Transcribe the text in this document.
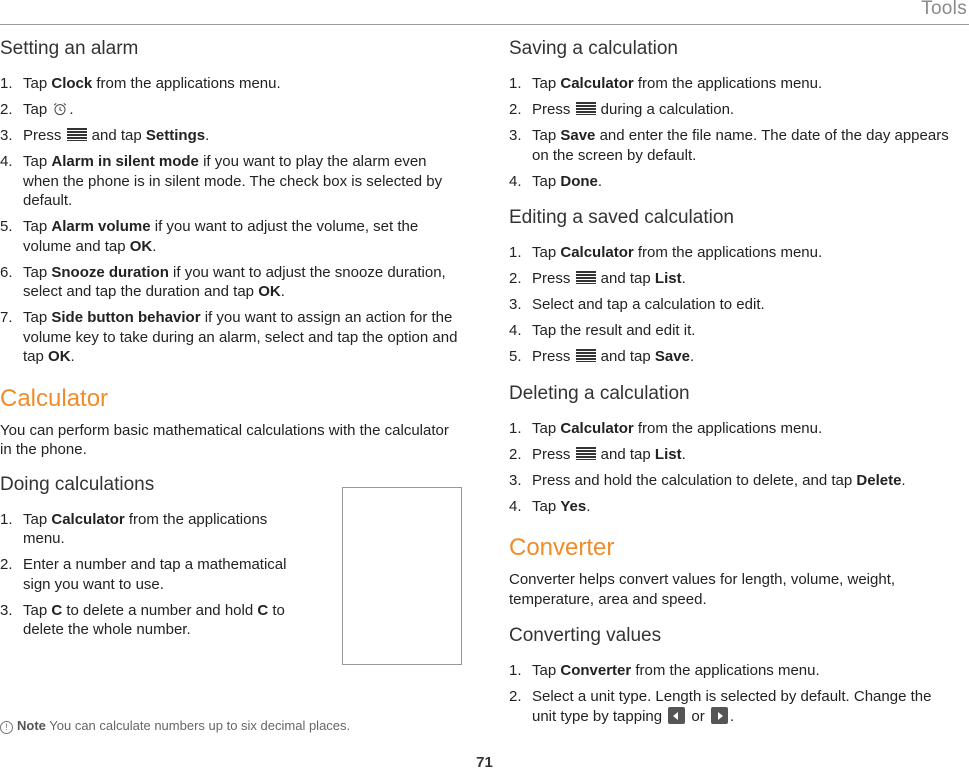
Tools
Setting an alarm
1. Tap Clock from the applications menu.
2. Tap .
3. Press  and tap Settings.
4. Tap Alarm in silent mode if you want to play the alarm even when the phone is in silent mode. The check box is selected by default.
5. Tap Alarm volume if you want to adjust the volume, set the volume and tap OK.
6. Tap Snooze duration if you want to adjust the snooze duration, select and tap the duration and tap OK.
7. Tap Side button behavior if you want to assign an action for the volume key to take during an alarm, select and tap the option and tap OK.
Calculator

You can perform basic mathematical calculations with the calculator in the phone.

Doing calculations
1. Tap Calculator from the applications menu.
2. Enter a number and tap a mathematical sign you want to use.
3. Tap C to delete a number and hold C to delete the whole number.
! Note You can calculate numbers up to six decimal places.
Saving a calculation
1. Tap Calculator from the applications menu.
2. Press  during a calculation.
3. Tap Save and enter the file name. The date of the day appears on the screen by default.
4. Tap Done.
Editing a saved calculation
1. Tap Calculator from the applications menu.
2. Press  and tap List.
3. Select and tap a calculation to edit.
4. Tap the result and edit it.
5. Press  and tap Save.
Deleting a calculation
1. Tap Calculator from the applications menu.
2. Press  and tap List.
3. Press and hold the calculation to delete, and tap Delete.
4. Tap Yes.
Converter

Converter helps convert values for length, volume, weight, temperature, area and speed.

Converting values
1. Tap Converter from the applications menu.
2. Select a unit type. Length is selected by default. Change the unit type by tapping  or .
71
